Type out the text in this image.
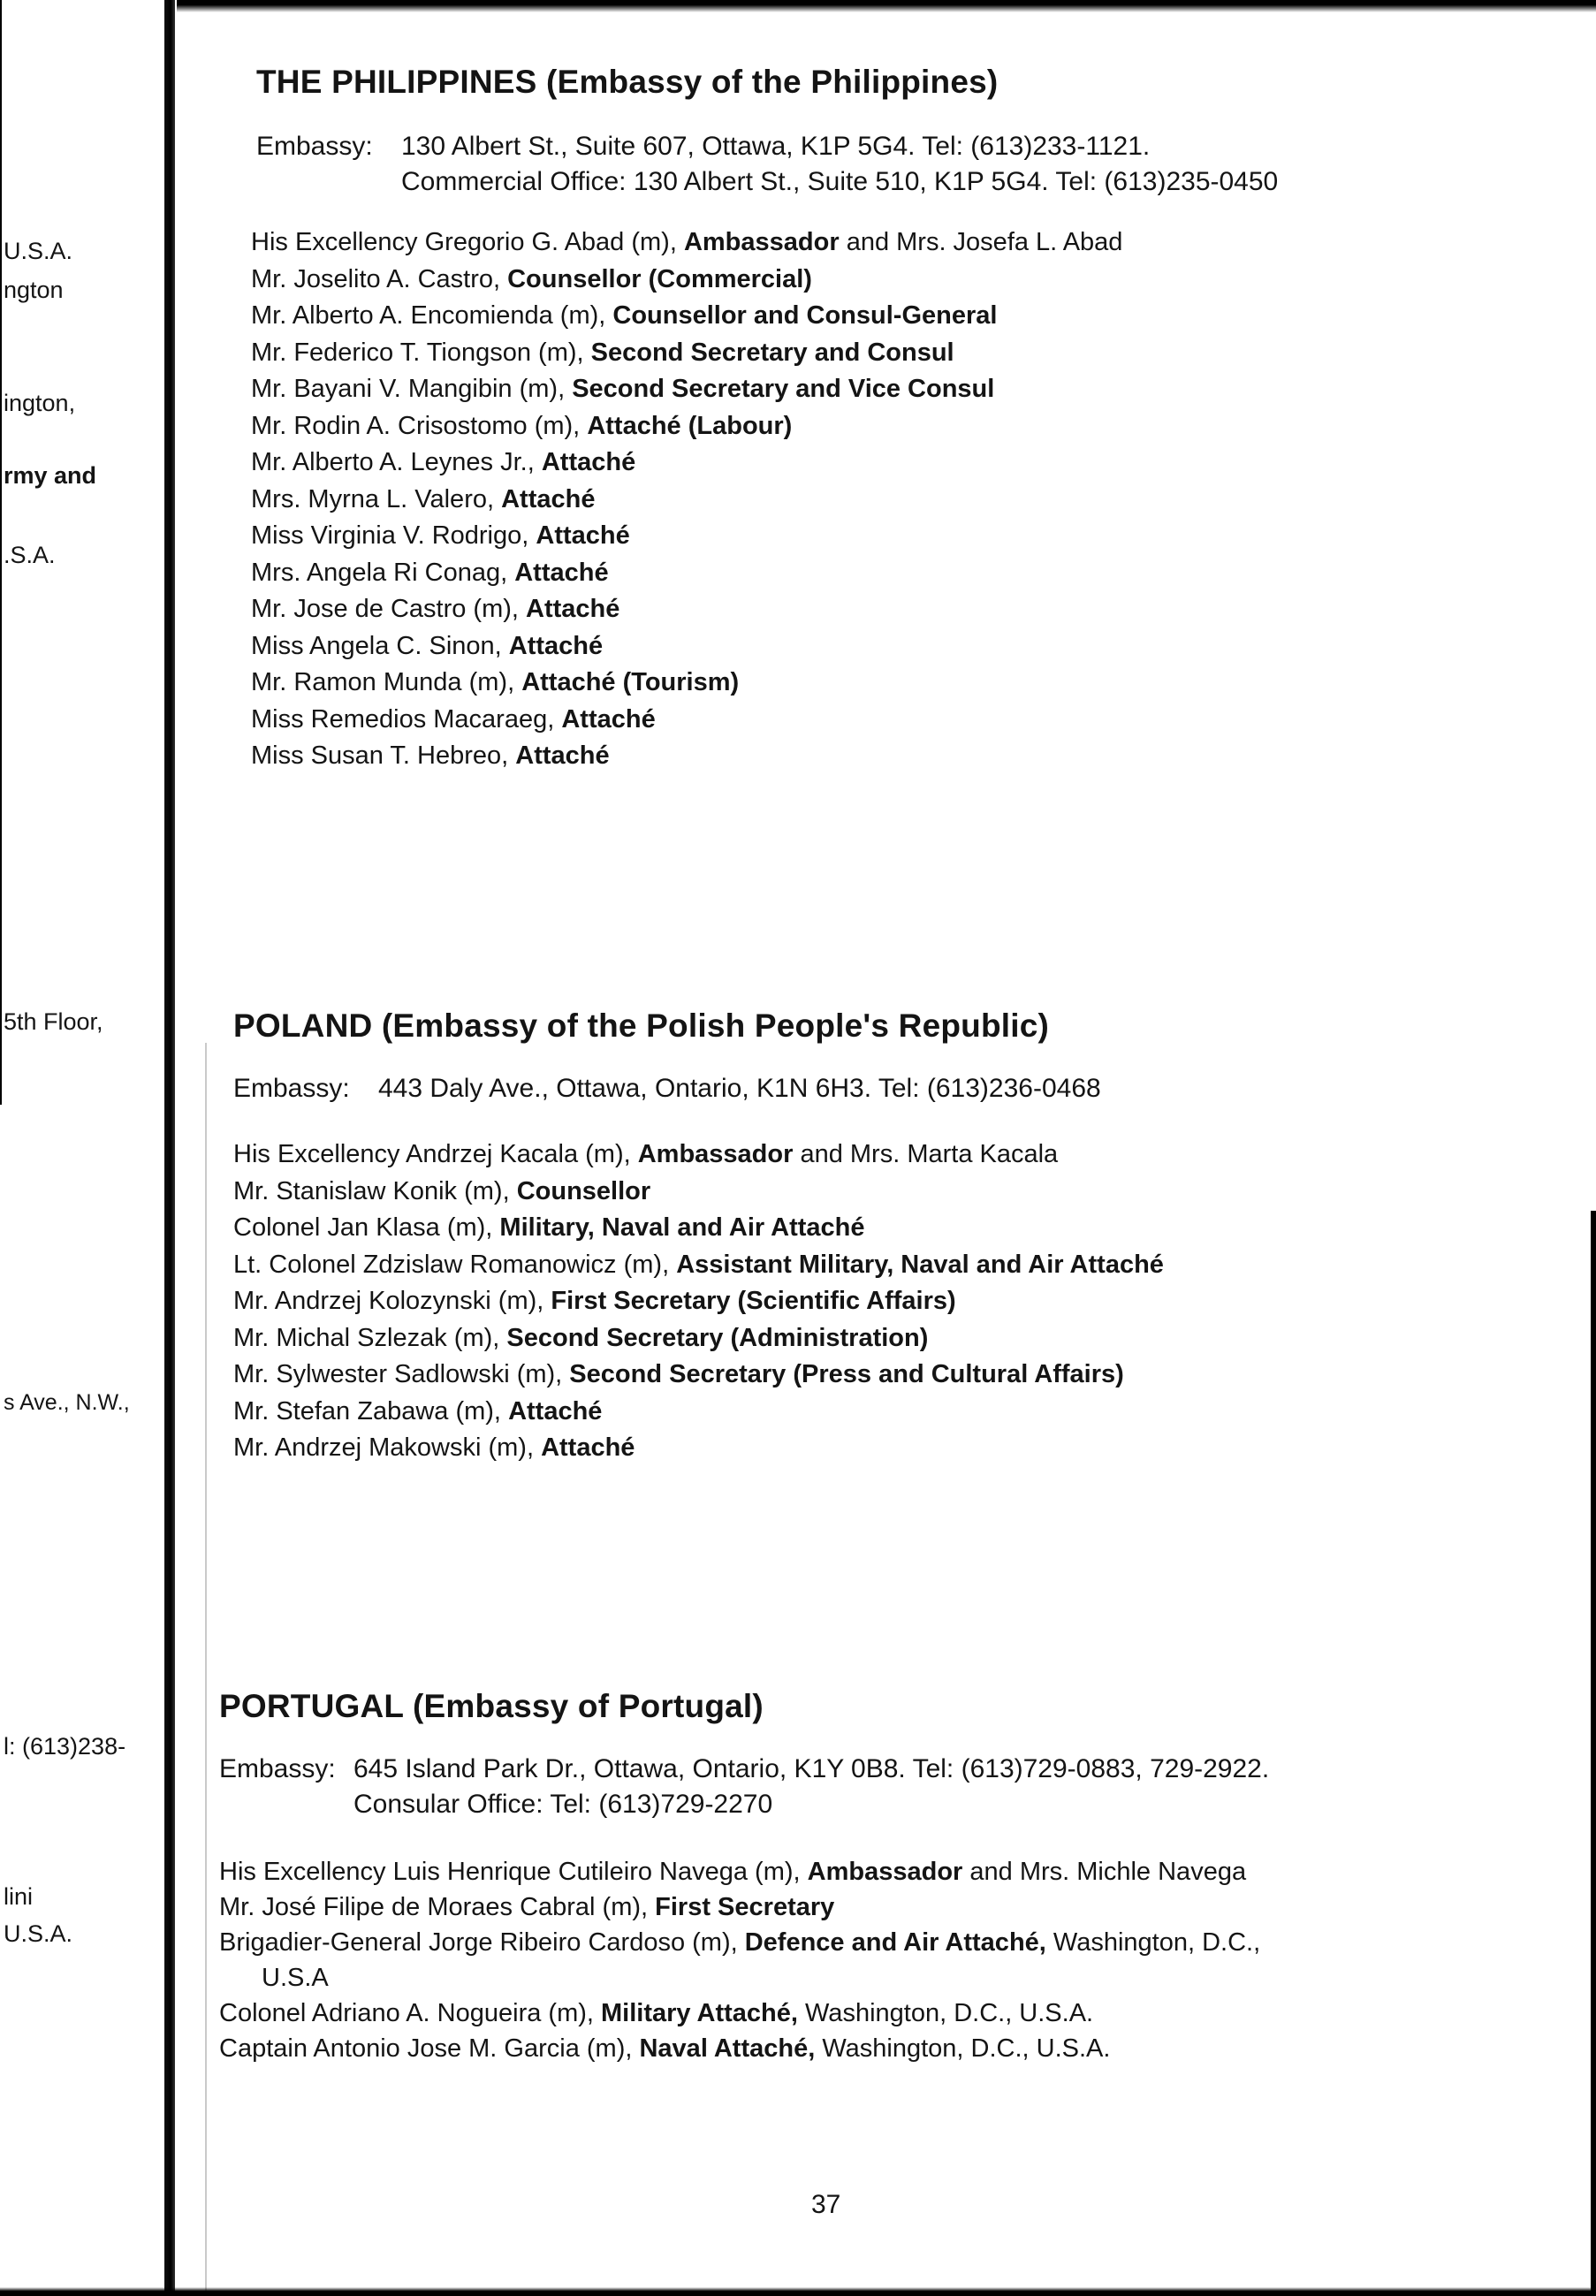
U.S.A.
ngton
ington,
rmy and
.S.A.
5th Floor,
s Ave., N.W.,
l: (613)238-
lini
U.S.A.
THE PHILIPPINES (Embassy of the Philippines)
Embassy:	130 Albert St., Suite 607, Ottawa, K1P 5G4. Tel: (613)233-1121.
Commercial Office: 130 Albert St., Suite 510, K1P 5G4. Tel: (613)235-0450
His Excellency Gregorio G. Abad (m), Ambassador and Mrs. Josefa L. Abad
Mr. Joselito A. Castro, Counsellor (Commercial)
Mr. Alberto A. Encomienda (m), Counsellor and Consul-General
Mr. Federico T. Tiongson (m), Second Secretary and Consul
Mr. Bayani V. Mangibin (m), Second Secretary and Vice Consul
Mr. Rodin A. Crisostomo (m), Attaché (Labour)
Mr. Alberto A. Leynes Jr., Attaché
Mrs. Myrna L. Valero, Attaché
Miss Virginia V. Rodrigo, Attaché
Mrs. Angela Ri Conag, Attaché
Mr. Jose de Castro (m), Attaché
Miss Angela C. Sinon, Attaché
Mr. Ramon Munda (m), Attaché (Tourism)
Miss Remedios Macaraeg, Attaché
Miss Susan T. Hebreo, Attaché
POLAND (Embassy of the Polish People's Republic)
Embassy:	443 Daly Ave., Ottawa, Ontario, K1N 6H3. Tel: (613)236-0468
His Excellency Andrzej Kacala (m), Ambassador and Mrs. Marta Kacala
Mr. Stanislaw Konik (m), Counsellor
Colonel Jan Klasa (m), Military, Naval and Air Attaché
Lt. Colonel Zdzislaw Romanowicz (m), Assistant Military, Naval and Air Attaché
Mr. Andrzej Kolozynski (m), First Secretary (Scientific Affairs)
Mr. Michal Szlezak (m), Second Secretary (Administration)
Mr. Sylwester Sadlowski (m), Second Secretary (Press and Cultural Affairs)
Mr. Stefan Zabawa (m), Attaché
Mr. Andrzej Makowski (m), Attaché
PORTUGAL (Embassy of Portugal)
Embassy: 645 Island Park Dr., Ottawa, Ontario, K1Y 0B8. Tel: (613)729-0883, 729-2922.
Consular Office: Tel: (613)729-2270
His Excellency Luis Henrique Cutileiro Navega (m), Ambassador and Mrs. Michle Navega
Mr. José Filipe de Moraes Cabral (m), First Secretary
Brigadier-General Jorge Ribeiro Cardoso (m), Defence and Air Attaché, Washington, D.C.,
U.S.A
Colonel Adriano A. Nogueira (m), Military Attaché, Washington, D.C., U.S.A.
Captain Antonio Jose M. Garcia (m), Naval Attaché, Washington, D.C., U.S.A.
37
